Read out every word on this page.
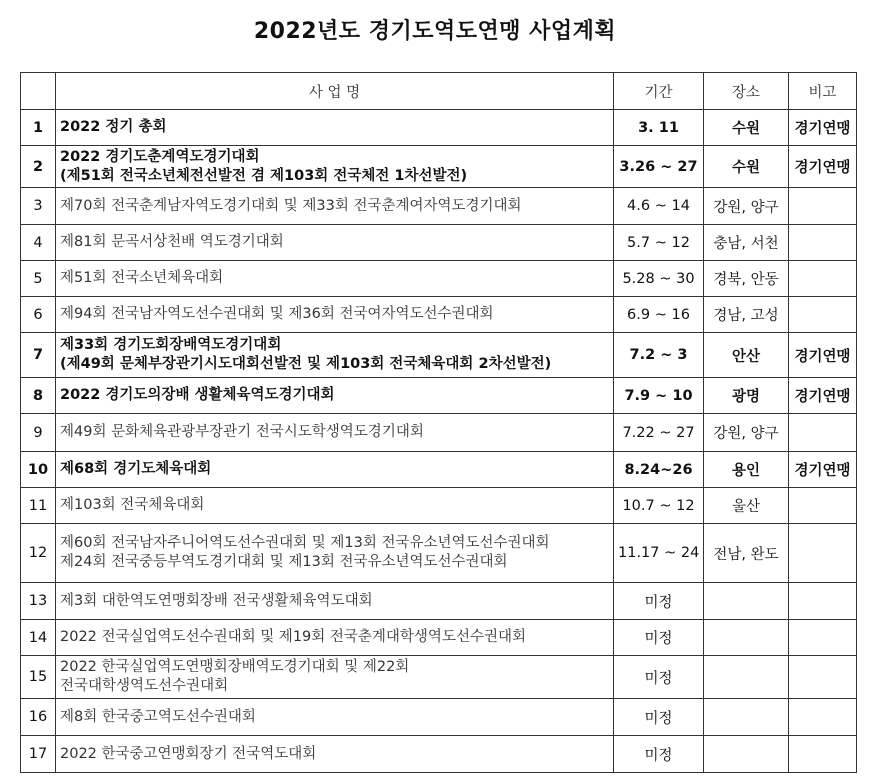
2022년도 경기도역도연맹 사업계획
	사 업 명	기간	장소	비고
1	2022 정기 총회	3. 11	수원	경기연맹
2	2022 경기도춘계역도경기대회
(제51회 전국소년체전선발전 겸 제103회 전국체전 1차선발전)	3.26 ~ 27	수원	경기연맹
3	제70회 전국춘계남자역도경기대회 및 제33회 전국춘계여자역도경기대회	4.6 ~ 14	강원, 양구	
4	제81회 문곡서상천배 역도경기대회	5.7 ~ 12	충남, 서천	
5	제51회 전국소년체육대회	5.28 ~ 30	경북, 안동	
6	제94회 전국남자역도선수권대회 및 제36회 전국여자역도선수권대회	6.9 ~ 16	경남, 고성	
7	제33회 경기도회장배역도경기대회
(제49회 문체부장관기시도대회선발전 및 제103회 전국체육대회 2차선발전)	7.2 ~ 3	안산	경기연맹
8	2022 경기도의장배 생활체육역도경기대회	7.9 ~ 10	광명	경기연맹
9	제49회 문화체육관광부장관기 전국시도학생역도경기대회	7.22 ~ 27	강원, 양구	
10	제68회 경기도체육대회	8.24~26	용인	경기연맹
11	제103회 전국체육대회	10.7 ~ 12	울산	
12	제60회 전국남자주니어역도선수권대회 및 제13회 전국유소년역도선수권대회
제24회 전국중등부역도경기대회 및 제13회 전국유소년역도선수권대회	11.17 ~ 24	전남, 완도	
13	제3회 대한역도연맹회장배 전국생활체육역도대회	미정		
14	2022 전국실업역도선수권대회 및 제19회 전국춘계대학생역도선수권대회	미정		
15	2022 한국실업역도연맹회장배역도경기대회 및 제22회
전국대학생역도선수권대회	미정		
16	제8회 한국중고역도선수권대회	미정		
17	2022 한국중고연맹회장기 전국역도대회	미정		
